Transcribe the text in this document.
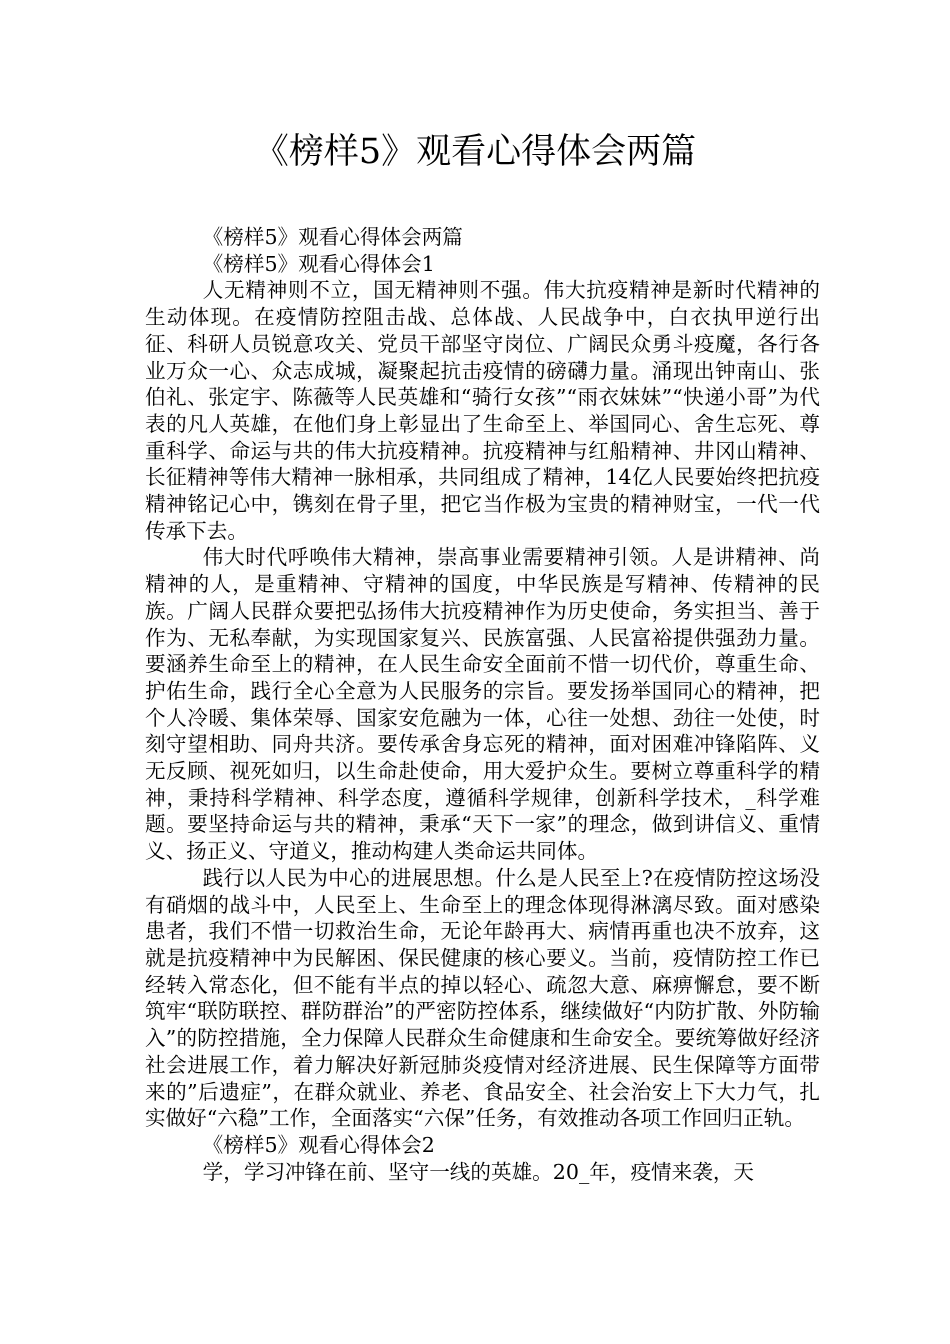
《榜样5》观看心得体会两篇

《榜样5》观看心得体会两篇

《榜样5》观看心得体会1

人无精神则不立，国无精神则不强。伟大抗疫精神是新时代精神的生动体现。在疫情防控阻击战、总体战、人民战争中，白衣执甲逆行出征、科研人员锐意攻关、党员干部坚守岗位、广阔民众勇斗疫魔，各行各业万众一心、众志成城，凝聚起抗击疫情的磅礴力量。涌现出钟南山、张伯礼、张定宇、陈薇等人民英雄和“骑行女孩”“雨衣妹妹”“快递小哥”为代表的凡人英雄，在他们身上彰显出了生命至上、举国同心、舍生忘死、尊重科学、命运与共的伟大抗疫精神。抗疫精神与红船精神、井冈山精神、长征精神等伟大精神一脉相承，共同组成了精神，14亿人民要始终把抗疫精神铭记心中，镌刻在骨子里，把它当作极为宝贵的精神财宝，一代一代传承下去。

伟大时代呼唤伟大精神，崇高事业需要精神引领。人是讲精神、尚精神的人，是重精神、守精神的国度，中华民族是写精神、传精神的民族。广阔人民群众要把弘扬伟大抗疫精神作为历史使命，务实担当、善于作为、无私奉献，为实现国家复兴、民族富强、人民富裕提供强劲力量。要涵养生命至上的精神，在人民生命安全面前不惜一切代价，尊重生命、护佑生命，践行全心全意为人民服务的宗旨。要发扬举国同心的精神，把个人冷暖、集体荣辱、国家安危融为一体，心往一处想、劲往一处使，时刻守望相助、同舟共济。要传承舍身忘死的精神，面对困难冲锋陷阵、义无反顾、视死如归，以生命赴使命，用大爱护众生。要树立尊重科学的精神，秉持科学精神、科学态度，遵循科学规律，创新科学技术，_科学难题。要坚持命运与共的精神，秉承“天下一家”的理念，做到讲信义、重情义、扬正义、守道义，推动构建人类命运共同体。

践行以人民为中心的进展思想。什么是人民至上?在疫情防控这场没有硝烟的战斗中，人民至上、生命至上的理念体现得淋漓尽致。面对感染患者，我们不惜一切救治生命，无论年龄再大、病情再重也决不放弃，这就是抗疫精神中为民解困、保民健康的核心要义。当前，疫情防控工作已经转入常态化，但不能有半点的掉以轻心、疏忽大意、麻痹懈怠，要不断筑牢“联防联控、群防群治”的严密防控体系，继续做好“内防扩散、外防输入”的防控措施，全力保障人民群众生命健康和生命安全。要统筹做好经济社会进展工作，着力解决好新冠肺炎疫情对经济进展、民生保障等方面带来的”后遗症”，在群众就业、养老、食品安全、社会治安上下大力气，扎实做好“六稳”工作，全面落实“六保”任务，有效推动各项工作回归正轨。

《榜样5》观看心得体会2

学，学习冲锋在前、坚守一线的英雄。20_年，疫情来袭，天
